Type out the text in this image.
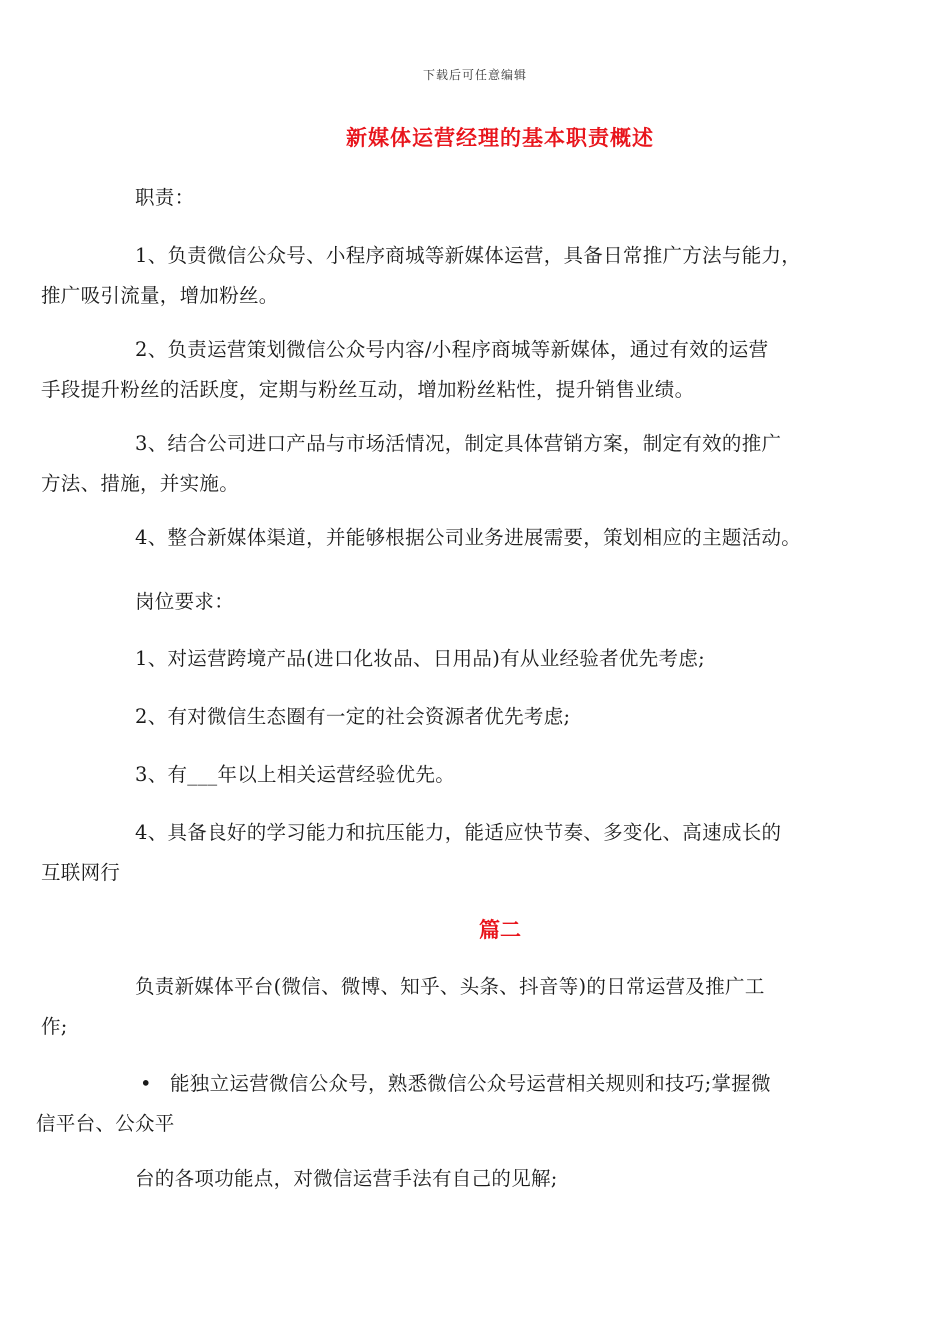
下载后可任意编辑
新媒体运营经理的基本职责概述
职责：
1、负责微信公众号、小程序商城等新媒体运营，具备日常推广方法与能力，
推广吸引流量，增加粉丝。
2、负责运营策划微信公众号内容/小程序商城等新媒体，通过有效的运营
手段提升粉丝的活跃度，定期与粉丝互动，增加粉丝粘性，提升销售业绩。
3、结合公司进口产品与市场活情况，制定具体营销方案，制定有效的推广
方法、措施，并实施。
4、整合新媒体渠道，并能够根据公司业务进展需要，策划相应的主题活动。
岗位要求：
1、对运营跨境产品(进口化妆品、日用品)有从业经验者优先考虑;
2、有对微信生态圈有一定的社会资源者优先考虑;
3、有___年以上相关运营经验优先。
4、具备良好的学习能力和抗压能力，能适应快节奏、多变化、高速成长的
互联网行
篇二
负责新媒体平台(微信、微博、知乎、头条、抖音等)的日常运营及推广工
作;
• 能独立运营微信公众号，熟悉微信公众号运营相关规则和技巧;掌握微
信平台、公众平
台的各项功能点，对微信运营手法有自己的见解;
